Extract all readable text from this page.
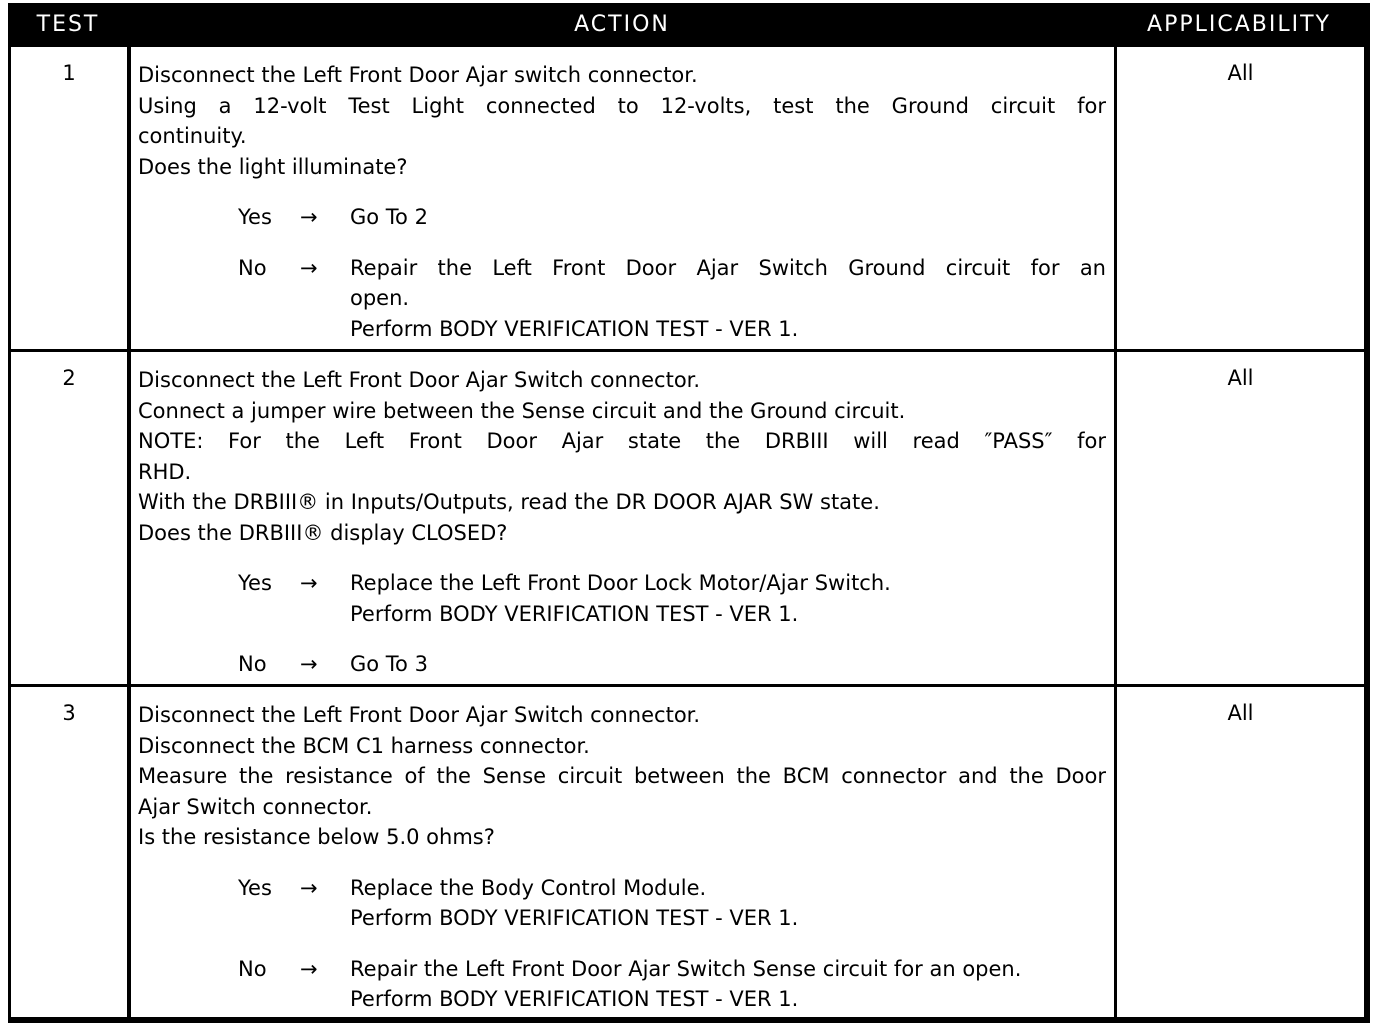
TEST	ACTION	APPLICABILITY
1	Disconnect the Left Front Door Ajar switch connector.
Using a 12-volt Test Light connected to 12-volts, test the Ground circuit for
continuity.
Does the light illuminate?
Yes	→	Go To 2
No	→	Repair the Left Front Door Ajar Switch Ground circuit for an
open.
Perform BODY VERIFICATION TEST - VER 1.
All
2	Disconnect the Left Front Door Ajar Switch connector.
Connect a jumper wire between the Sense circuit and the Ground circuit.
NOTE: For the Left Front Door Ajar state the DRBIII will read ″PASS″ for
RHD.
With the DRBIII® in Inputs/Outputs, read the DR DOOR AJAR SW state.
Does the DRBIII® display CLOSED?
Yes	→	Replace the Left Front Door Lock Motor/Ajar Switch.
Perform BODY VERIFICATION TEST - VER 1.
No	→	Go To 3
All
3	Disconnect the Left Front Door Ajar Switch connector.
Disconnect the BCM C1 harness connector.
Measure the resistance of the Sense circuit between the BCM connector and the Door
Ajar Switch connector.
Is the resistance below 5.0 ohms?
Yes	→	Replace the Body Control Module.
Perform BODY VERIFICATION TEST - VER 1.
No	→	Repair the Left Front Door Ajar Switch Sense circuit for an open.
Perform BODY VERIFICATION TEST - VER 1.
All
